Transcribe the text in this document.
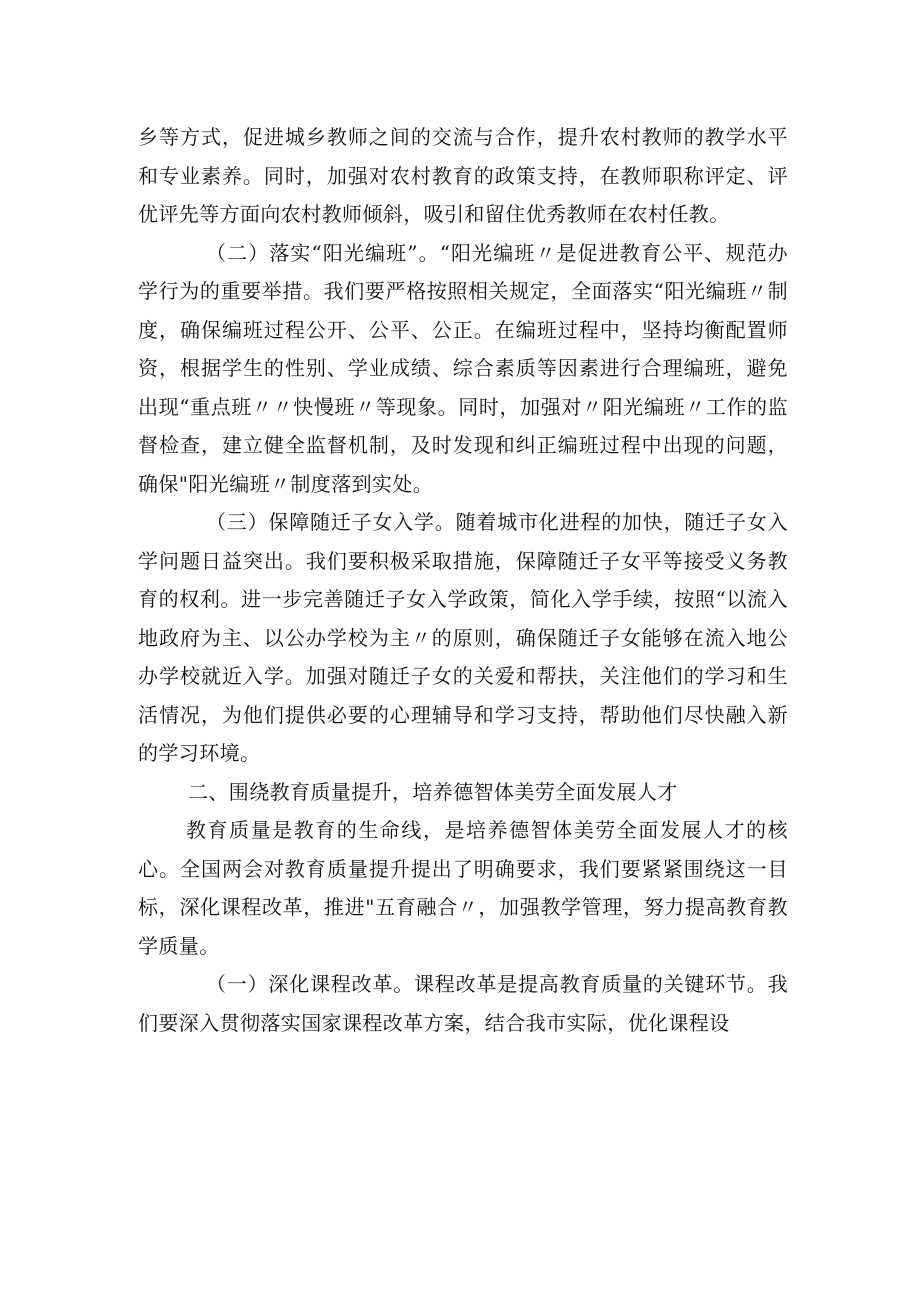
乡等方式，促进城乡教师之间的交流与合作，提升农村教师的教学水平和专业素养。同时，加强对农村教育的政策支持，在教师职称评定、评优评先等方面向农村教师倾斜，吸引和留住优秀教师在农村任教。

（二）落实“阳光编班”。“阳光编班〃是促进教育公平、规范办学行为的重要举措。我们要严格按照相关规定，全面落实“阳光编班〃制度，确保编班过程公开、公平、公正。在编班过程中，坚持均衡配置师资，根据学生的性别、学业成绩、综合素质等因素进行合理编班，避免出现“重点班〃〃快慢班〃等现象。同时，加强对〃阳光编班〃工作的监督检查，建立健全监督机制，及时发现和纠正编班过程中出现的问题，确保"阳光编班〃制度落到实处。

（三）保障随迁子女入学。随着城市化进程的加快，随迁子女入学问题日益突出。我们要积极采取措施，保障随迁子女平等接受义务教育的权利。进一步完善随迁子女入学政策，简化入学手续，按照“以流入地政府为主、以公办学校为主〃的原则，确保随迁子女能够在流入地公办学校就近入学。加强对随迁子女的关爱和帮扶，关注他们的学习和生活情况，为他们提供必要的心理辅导和学习支持，帮助他们尽快融入新的学习环境。

二、围绕教育质量提升，培养德智体美劳全面发展人才

教育质量是教育的生命线，是培养德智体美劳全面发展人才的核心。全国两会对教育质量提升提出了明确要求，我们要紧紧围绕这一目标，深化课程改革，推进"五育融合〃，加强教学管理，努力提高教育教学质量。

（一）深化课程改革。课程改革是提高教育质量的关键环节。我们要深入贯彻落实国家课程改革方案，结合我市实际，优化课程设
